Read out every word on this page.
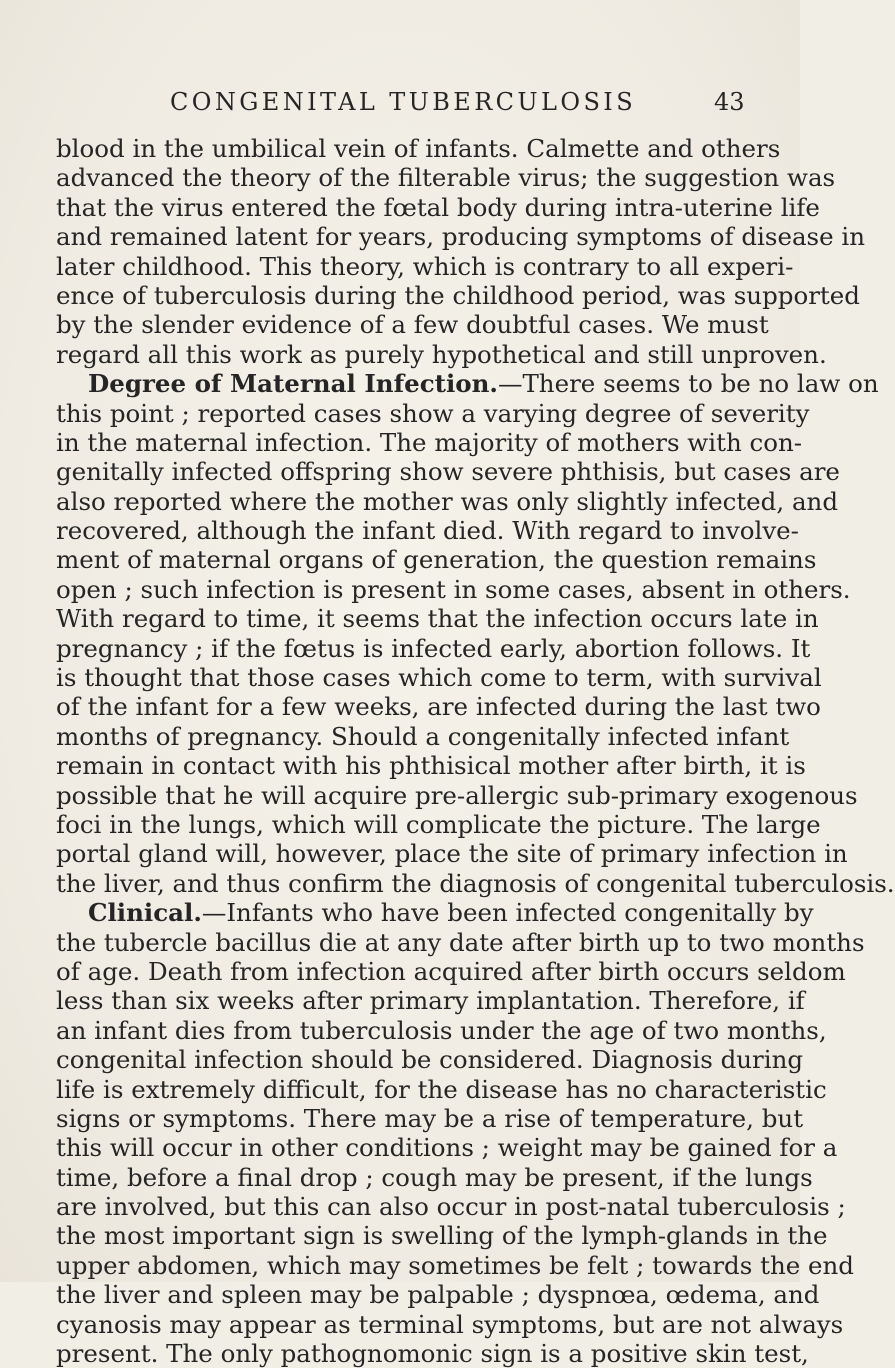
CONGENITAL TUBERCULOSIS	43
blood in the umbilical vein of infants. Calmette and others
advanced the theory of the filterable virus; the suggestion was
that the virus entered the fœtal body during intra-uterine life
and remained latent for years, producing symptoms of disease in
later childhood. This theory, which is contrary to all experi-
ence of tuberculosis during the childhood period, was supported
by the slender evidence of a few doubtful cases. We must
regard all this work as purely hypothetical and still unproven.
Degree of Maternal Infection.—There seems to be no law on
this point ; reported cases show a varying degree of severity
in the maternal infection. The majority of mothers with con-
genitally infected offspring show severe phthisis, but cases are
also reported where the mother was only slightly infected, and
recovered, although the infant died. With regard to involve-
ment of maternal organs of generation, the question remains
open ; such infection is present in some cases, absent in others.
With regard to time, it seems that the infection occurs late in
pregnancy ; if the fœtus is infected early, abortion follows. It
is thought that those cases which come to term, with survival
of the infant for a few weeks, are infected during the last two
months of pregnancy. Should a congenitally infected infant
remain in contact with his phthisical mother after birth, it is
possible that he will acquire pre-allergic sub-primary exogenous
foci in the lungs, which will complicate the picture. The large
portal gland will, however, place the site of primary infection in
the liver, and thus confirm the diagnosis of congenital tuberculosis.
Clinical.—Infants who have been infected congenitally by
the tubercle bacillus die at any date after birth up to two months
of age. Death from infection acquired after birth occurs seldom
less than six weeks after primary implantation. Therefore, if
an infant dies from tuberculosis under the age of two months,
congenital infection should be considered. Diagnosis during
life is extremely difficult, for the disease has no characteristic
signs or symptoms. There may be a rise of temperature, but
this will occur in other conditions ; weight may be gained for a
time, before a final drop ; cough may be present, if the lungs
are involved, but this can also occur in post-natal tuberculosis ;
the most important sign is swelling of the lymph-glands in the
upper abdomen, which may sometimes be felt ; towards the end
the liver and spleen may be palpable ; dyspnœa, œdema, and
cyanosis may appear as terminal symptoms, but are not always
present. The only pathognomonic sign is a positive skin test,
